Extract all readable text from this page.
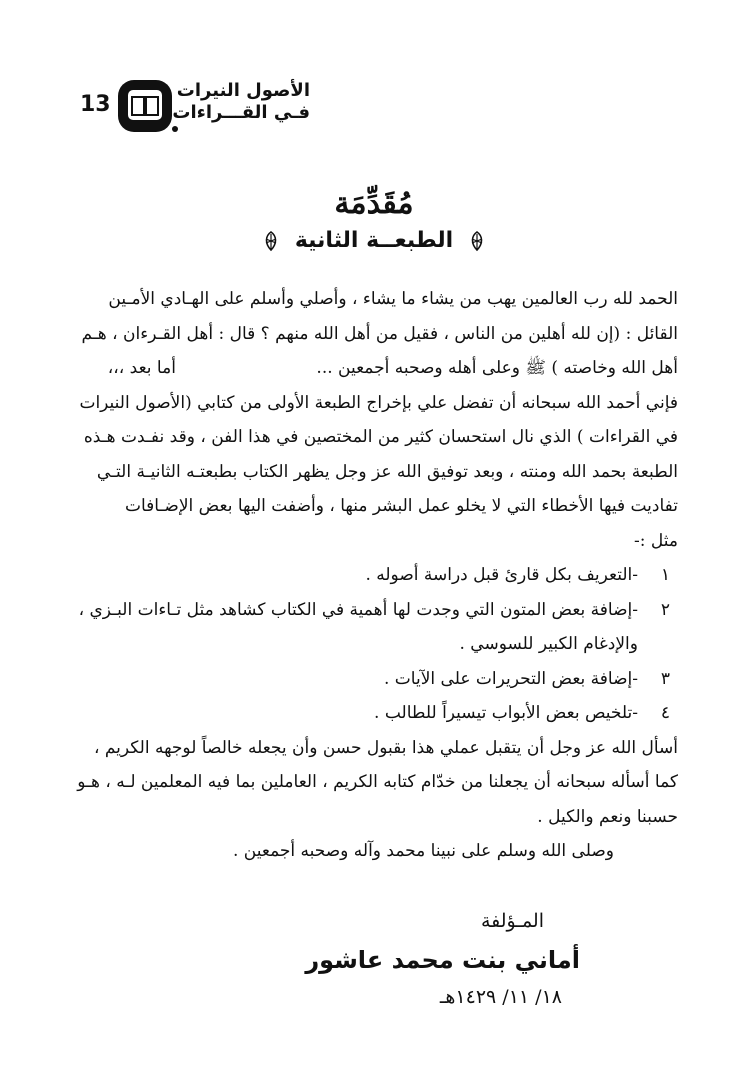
13
الأصول النيرات
فـي القـــراءات
مُقَدِّمَة
الطبعــة الثانية

الحمد لله رب العالمين يهب من يشاء ما يشاء ، وأصلي وأسلم على الهـادي الأمـين

القائل : (إن لله أهلين من الناس ، فقيل من أهل الله منهم ؟ قال : أهل القـرءان ، هـم

أهل الله وخاصته ) ﷺ وعلى أهله وصحبه أجمعين ...                          أما بعد ،،،

فإني أحمد الله سبحانه أن تفضل علي بإخراج الطبعة الأولى من كتابي (الأصول النيرات

في القراءات ) الذي نال استحسان كثير من المختصين في هذا الفن ، وقد نفـدت هـذه

الطبعة بحمد الله ومنته ، وبعد توفيق الله عز وجل يظهر الكتاب بطبعتـه الثانيـة التـي

تفاديت فيها الأخطاء التي لا يخلو عمل البشر منها ، وأضفت اليها بعض الإضـافات

مثل :-

١
-التعريف بكل قارئ قبل دراسة أصوله .
٢
-إضافة بعض المتون التي وجدت لها أهمية في الكتاب كشاهد مثل تـاءات البـزي ،
والإدغام الكبير للسوسي .
٣
-إضافة بعض التحريرات على الآيات .
٤
-تلخيص بعض الأبواب تيسيراً للطالب .

أسأل الله عز وجل أن يتقبل عملي هذا بقبول حسن وأن يجعله خالصاً لوجهه الكريم ،

كما أسأله سبحانه أن يجعلنا من خدّام كتابه الكريم ، العاملين بما فيه المعلمين لـه ، هـو

حسبنا ونعم والكيل .

وصلى الله وسلم على نبينا محمد وآله وصحبه أجمعين .

المـؤلفة
أماني بنت محمد عاشور
١٨/ ١١/ ١٤٢٩هـ
